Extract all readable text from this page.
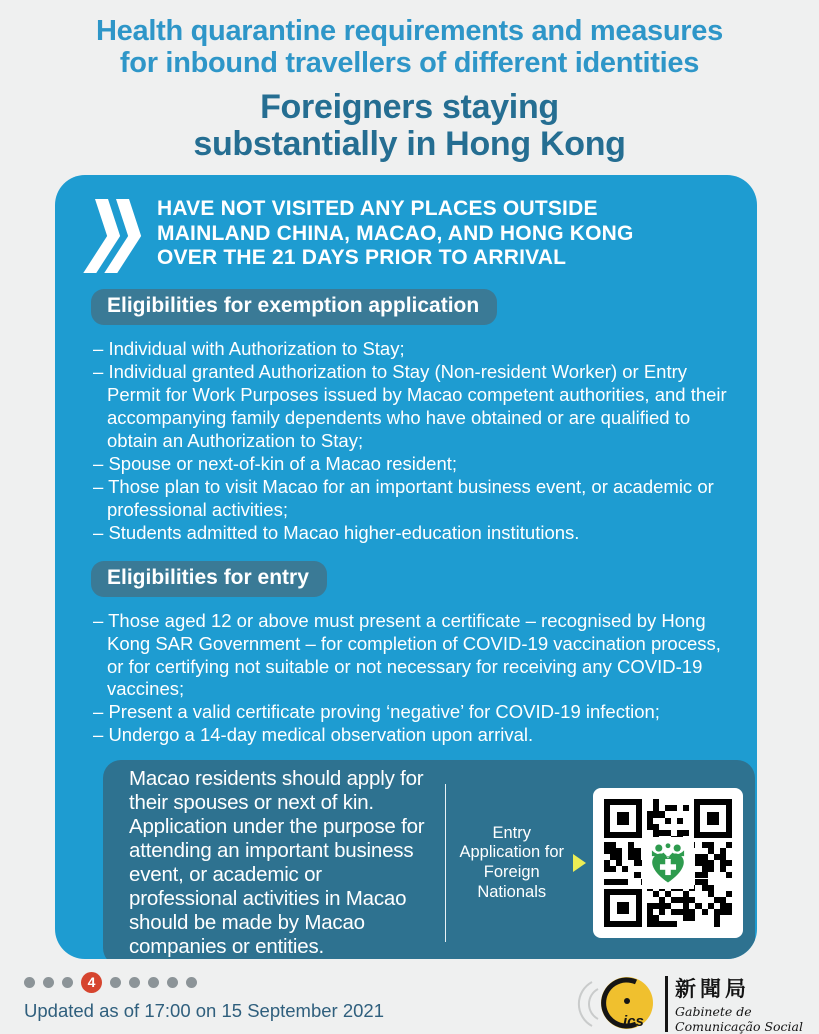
Health quarantine requirements and measures
for inbound travellers of different identities
Foreigners staying
substantially in Hong Kong
HAVE NOT VISITED ANY PLACES OUTSIDE
MAINLAND CHINA, MACAO, AND HONG KONG
OVER THE 21 DAYS PRIOR TO ARRIVAL
Eligibilities for exemption application
– Individual with Authorization to Stay;
– Individual granted Authorization to Stay (Non-resident Worker) or Entry Permit for Work Purposes issued by Macao competent authorities, and their accompanying family dependents who have obtained or are qualified to obtain an Authorization to Stay;
– Spouse or next-of-kin of a Macao resident;
– Those plan to visit Macao for an important business event, or academic or professional activities;
– Students admitted to Macao higher-education institutions.
Eligibilities for entry
– Those aged 12 or above must present a certificate – recognised by Hong Kong SAR Government – for completion of COVID-19 vaccination process, or for certifying not suitable or not necessary for receiving any COVID-19 vaccines;
– Present a valid certificate proving ‘negative’ for COVID-19 infection;
– Undergo a 14-day medical observation upon arrival.
Macao residents should apply for their spouses or next of kin. Application under the purpose for attending an important business event, or academic or professional activities in Macao should be made by Macao companies or entities.
Entry Application for Foreign Nationals
4
Updated as of 17:00 on 15 September 2021	ics
新聞局
Gabinete de
Comunicação Social
